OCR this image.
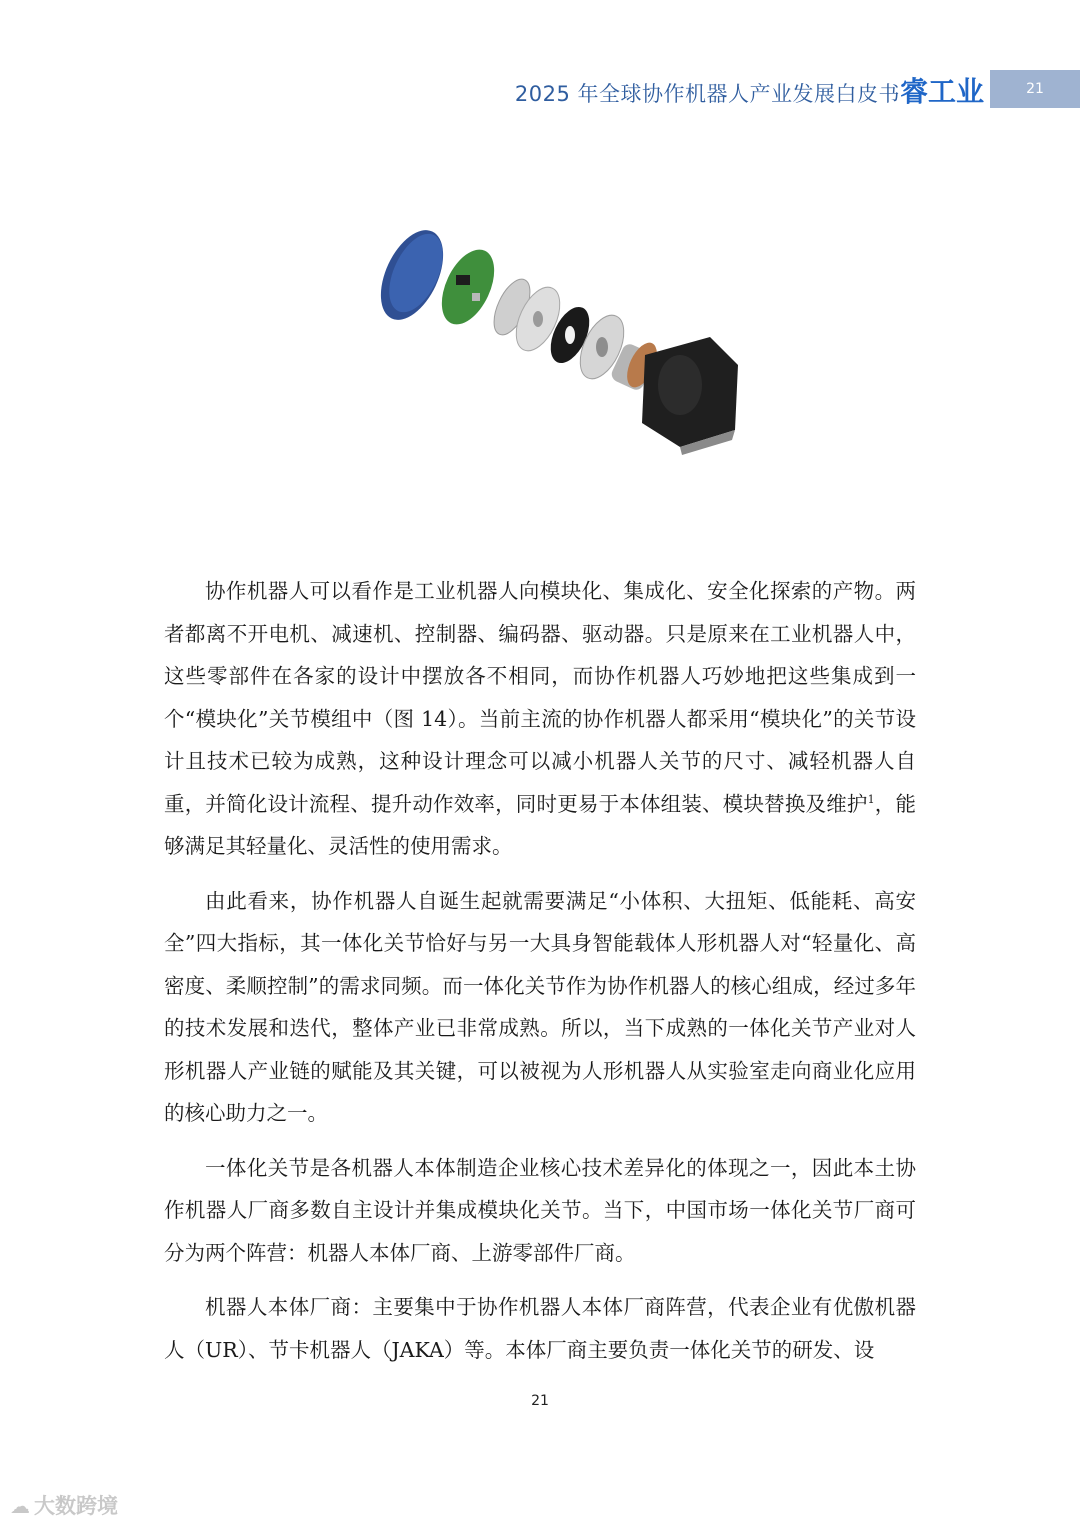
2025 年全球协作机器人产业发展白皮书 睿工业	21

协作机器人可以看作是工业机器人向模块化、集成化、安全化探索的产物。两者都离不开电机、减速机、控制器、编码器、驱动器。只是原来在工业机器人中，这些零部件在各家的设计中摆放各不相同，而协作机器人巧妙地把这些集成到一个“模块化”关节模组中（图 14）。当前主流的协作机器人都采用“模块化”的关节设计且技术已较为成熟，这种设计理念可以减小机器人关节的尺寸、减轻机器人自重，并简化设计流程、提升动作效率，同时更易于本体组装、模块替换及维护$^1$，能够满足其轻量化、灵活性的使用需求。

由此看来，协作机器人自诞生起就需要满足“小体积、大扭矩、低能耗、高安全”四大指标，其一体化关节恰好与另一大具身智能载体人形机器人对“轻量化、高密度、柔顺控制”的需求同频。而一体化关节作为协作机器人的核心组成，经过多年的技术发展和迭代，整体产业已非常成熟。所以，当下成熟的一体化关节产业对人形机器人产业链的赋能及其关键，可以被视为人形机器人从实验室走向商业化应用的核心助力之一。

一体化关节是各机器人本体制造企业核心技术差异化的体现之一，因此本土协作机器人厂商多数自主设计并集成模块化关节。当下，中国市场一体化关节厂商可分为两个阵营：机器人本体厂商、上游零部件厂商。

机器人本体厂商：主要集中于协作机器人本体厂商阵营，代表企业有优傲机器人（UR）、节卡机器人（JAKA）等。本体厂商主要负责一体化关节的研发、设

21
☁ 大数跨境
